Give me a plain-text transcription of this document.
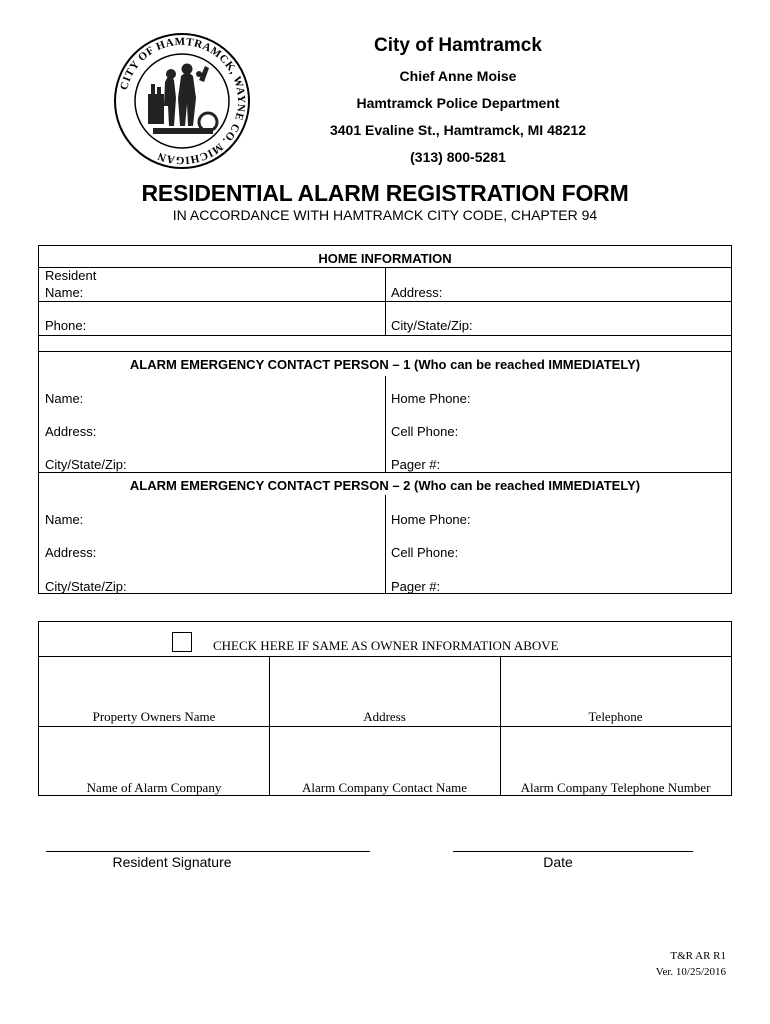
CITY OF HAMTRAMCK, WAYNE CO. MICHIGAN
City of Hamtramck
Chief Anne Moise
Hamtramck Police Department
3401 Evaline St., Hamtramck, MI 48212
(313) 800-5281
RESIDENTIAL ALARM REGISTRATION FORM
IN ACCORDANCE WITH HAMTRAMCK CITY CODE, CHAPTER 94
HOME INFORMATION
Resident
Name:	Address:
Phone:	City/State/Zip:
ALARM EMERGENCY CONTACT PERSON – 1 (Who can be reached IMMEDIATELY)
Name:	Home Phone:
Address:	Cell Phone:
City/State/Zip:	Pager #:
ALARM EMERGENCY CONTACT PERSON – 2 (Who can be reached IMMEDIATELY)
Name:	Home Phone:
Address:	Cell Phone:
City/State/Zip:	Pager #:
CHECK HERE IF SAME AS OWNER INFORMATION ABOVE
Property Owners Name	Address	Telephone
Name of Alarm Company	Alarm Company Contact Name	Alarm Company Telephone Number
Resident Signature	Date
T&R AR R1
Ver. 10/25/2016
